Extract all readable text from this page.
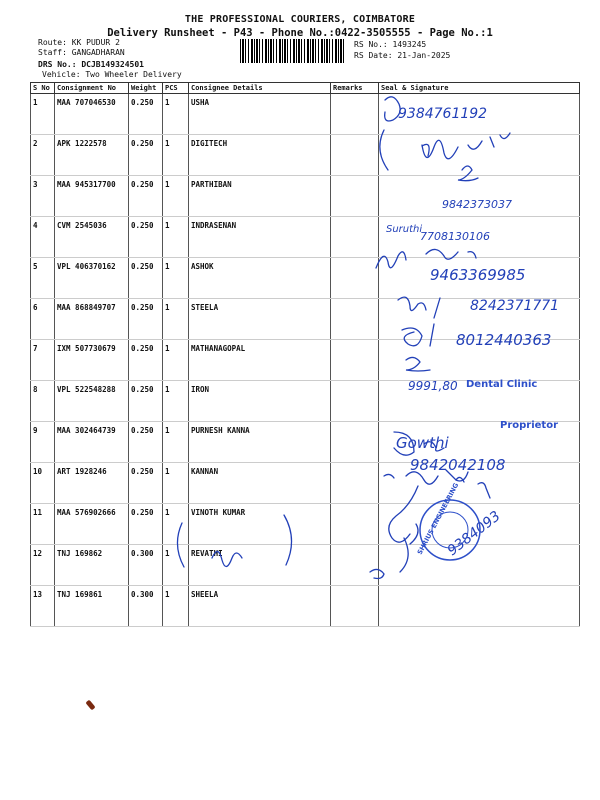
THE PROFESSIONAL COURIERS, COIMBATORE
Delivery Runsheet - P43 - Phone No.:0422-3505555 - Page No.:1
Route: KK PUDUR 2
Staff: GANGADHARAN
DRS No.: DCJB149324501
Vehicle: Two Wheeler Delivery
RS No.: 1493245
RS Date: 21-Jan-2025
S No	Consignment No	Weight	PCS	Consignee Details	Remarks	Seal & Signature
1	MAA 707046530	0.250	1	USHA		
2	APK 1222578	0.250	1	DIGITECH		
3	MAA 945317700	0.250	1	PARTHIBAN		
4	CVM 2545036	0.250	1	INDRASENAN		
5	VPL 406370162	0.250	1	ASHOK		
6	MAA 868849707	0.250	1	STEELA		
7	IXM 507730679	0.250	1	MATHANAGOPAL		
8	VPL 522548288	0.250	1	IRON		
9	MAA 302464739	0.250	1	PURNESH KANNA		
10	ART 1928246	0.250	1	KANNAN		
11	MAA 576902666	0.250	1	VINOTH KUMAR		
12	TNJ 169862	0.300	1	REVATHI		
13	TNJ 169861	0.300	1	SHEELA		
9384761192
9842373037
Suruthi
7708130106
9463369985
8242371771
8012440363
9991,80
Gowthi
9842042108
9384093
SHRIUS ENGINEERING
Dental Clinic
Proprietor
